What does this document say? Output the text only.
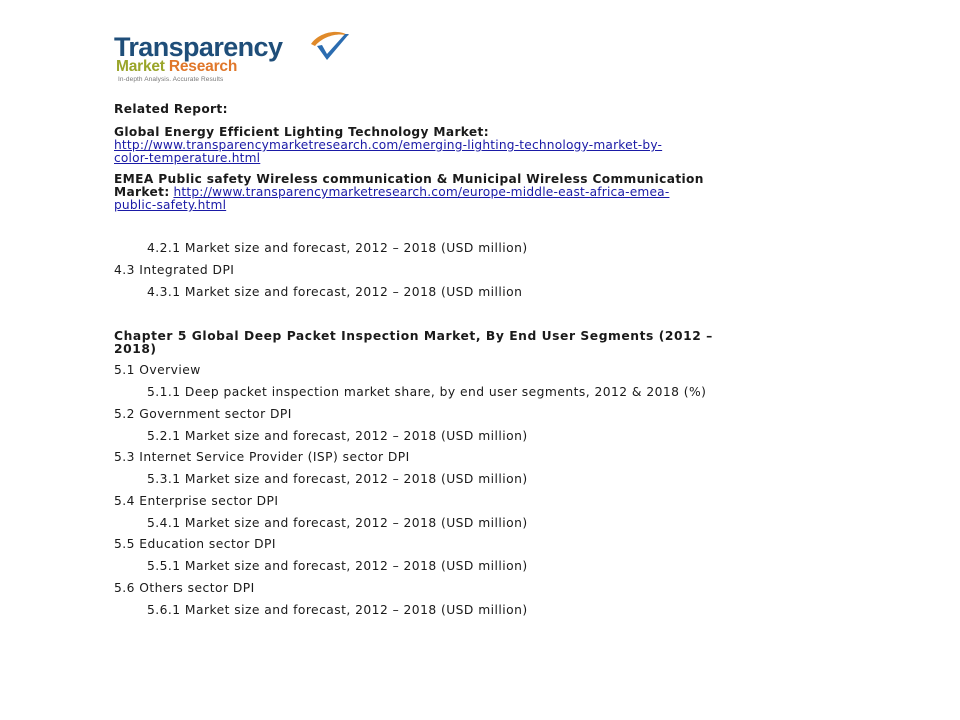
Transparency
Market Research
In-depth Analysis. Accurate Results
Related Report:
Global Energy Efficient Lighting Technology Market:
http://www.transparencymarketresearch.com/emerging-lighting-technology-market-by-
color-temperature.html
EMEA Public safety Wireless communication & Municipal Wireless Communication
Market: http://www.transparencymarketresearch.com/europe-middle-east-africa-emea-
public-safety.html
4.2.1 Market size and forecast, 2012 – 2018 (USD million)
4.3 Integrated DPI
4.3.1 Market size and forecast, 2012 – 2018 (USD million
Chapter 5 Global Deep Packet Inspection Market, By End User Segments (2012 –
2018)
5.1 Overview
5.1.1 Deep packet inspection market share, by end user segments, 2012 & 2018 (%)
5.2 Government sector DPI
5.2.1 Market size and forecast, 2012 – 2018 (USD million)
5.3 Internet Service Provider (ISP) sector DPI
5.3.1 Market size and forecast, 2012 – 2018 (USD million)
5.4 Enterprise sector DPI
5.4.1 Market size and forecast, 2012 – 2018 (USD million)
5.5 Education sector DPI
5.5.1 Market size and forecast, 2012 – 2018 (USD million)
5.6 Others sector DPI
5.6.1 Market size and forecast, 2012 – 2018 (USD million)
